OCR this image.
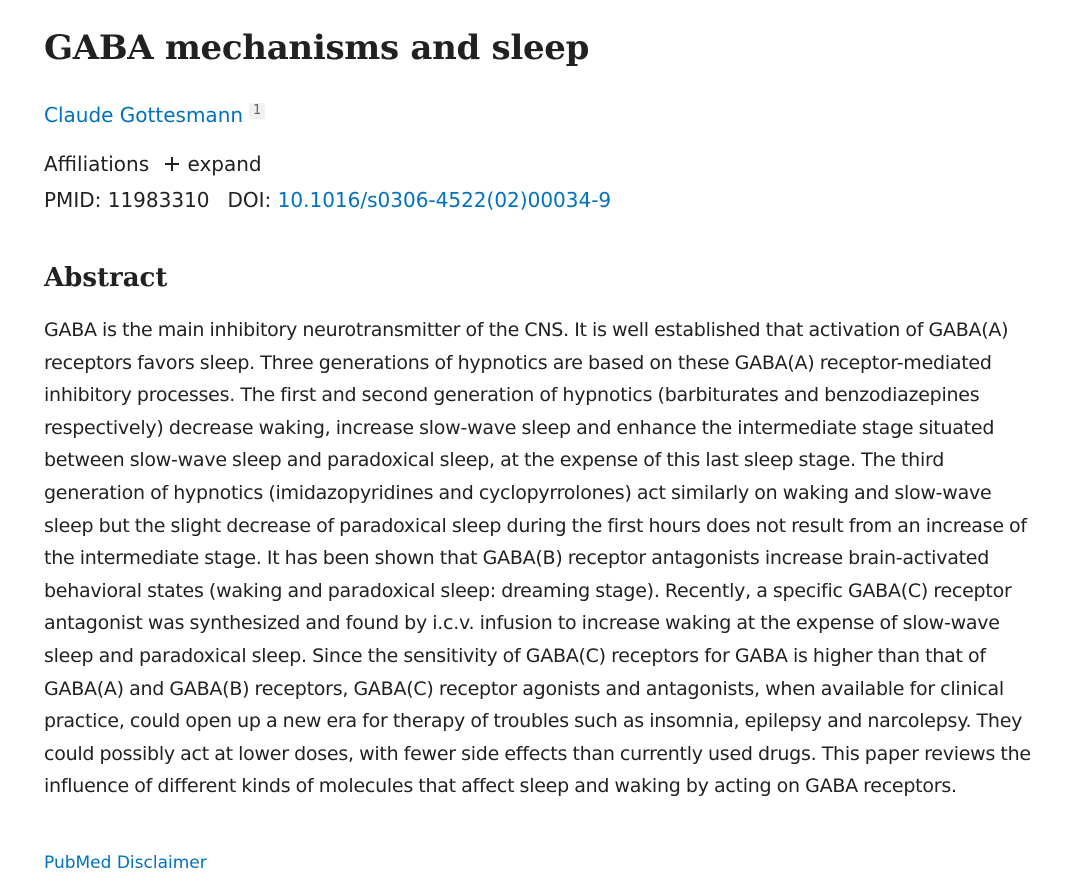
GABA mechanisms and sleep
Claude Gottesmann 1
Affiliations expand
PMID: 11983310 DOI: 10.1016/s0306-4522(02)00034-9
Abstract

GABA is the main inhibitory neurotransmitter of the CNS. It is well established that activation of GABA(A) receptors favors sleep. Three generations of hypnotics are based on these GABA(A) receptor-mediated inhibitory processes. The first and second generation of hypnotics (barbiturates and benzodiazepines respectively) decrease waking, increase slow-wave sleep and enhance the intermediate stage situated between slow-wave sleep and paradoxical sleep, at the expense of this last sleep stage. The third generation of hypnotics (imidazopyridines and cyclopyrrolones) act similarly on waking and slow-wave sleep but the slight decrease of paradoxical sleep during the first hours does not result from an increase of the intermediate stage. It has been shown that GABA(B) receptor antagonists increase brain-activated behavioral states (waking and paradoxical sleep: dreaming stage). Recently, a specific GABA(C) receptor antagonist was synthesized and found by i.c.v. infusion to increase waking at the expense of slow-wave sleep and paradoxical sleep. Since the sensitivity of GABA(C) receptors for GABA is higher than that of GABA(A) and GABA(B) receptors, GABA(C) receptor agonists and antagonists, when available for clinical practice, could open up a new era for therapy of troubles such as insomnia, epilepsy and narcolepsy. They could possibly act at lower doses, with fewer side effects than currently used drugs. This paper reviews the influence of different kinds of molecules that affect sleep and waking by acting on GABA receptors.

PubMed Disclaimer
